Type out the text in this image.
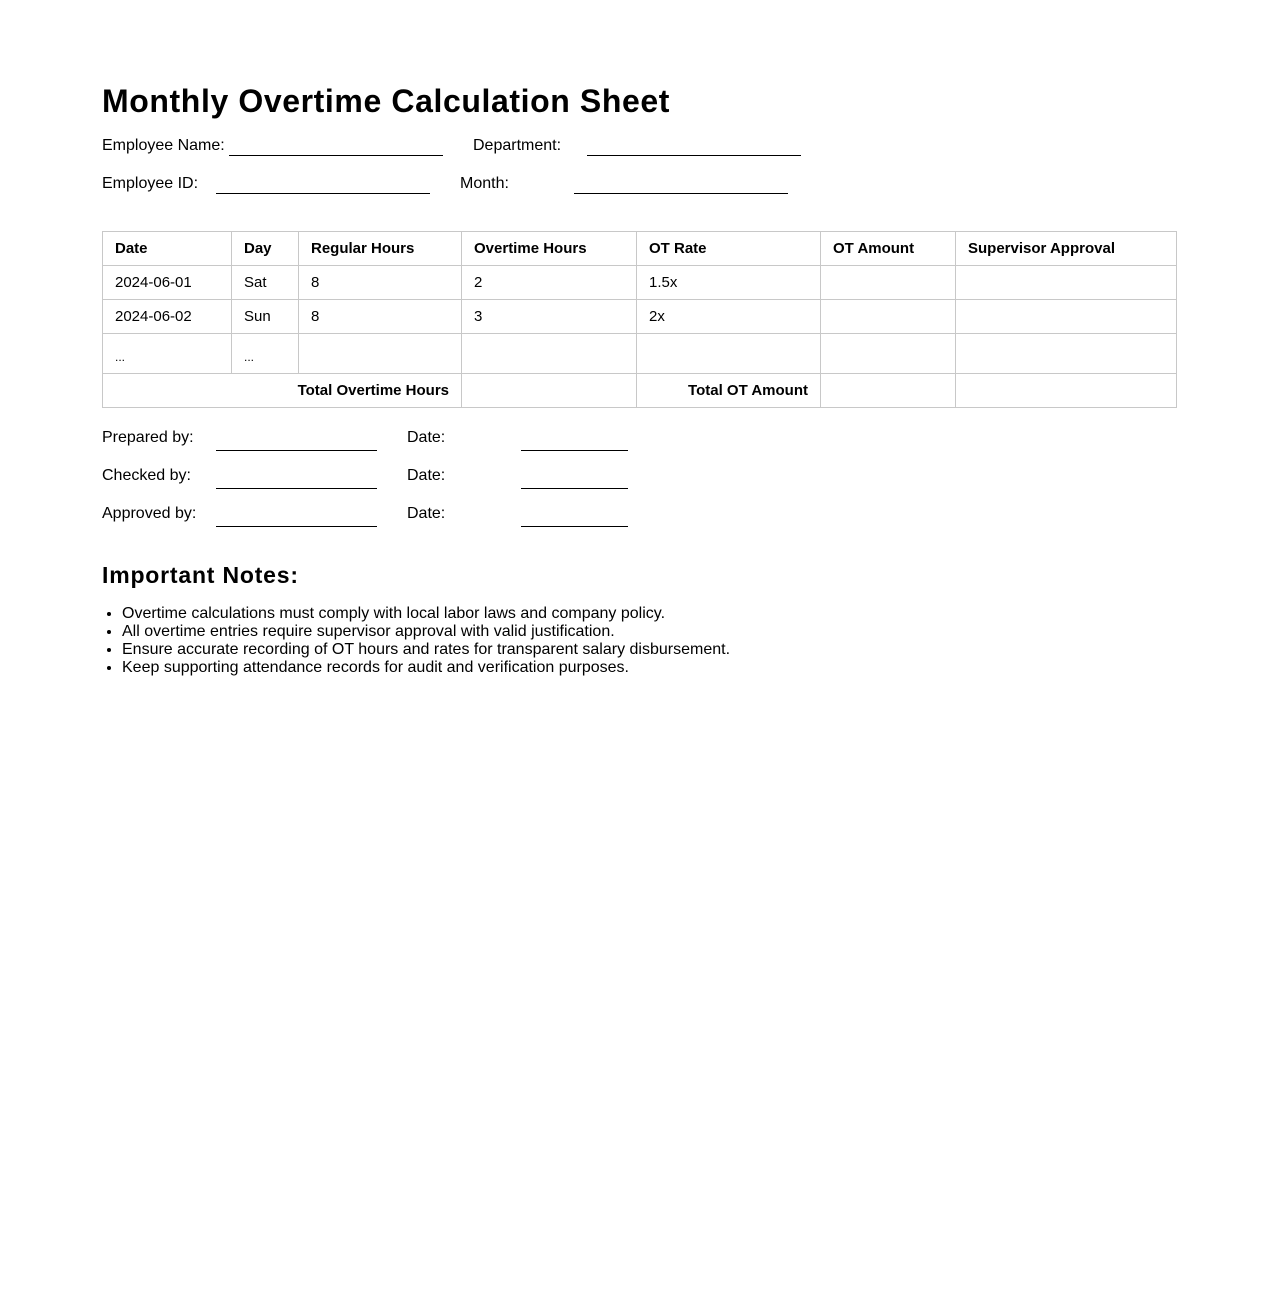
Monthly Overtime Calculation Sheet
Employee Name:	Department:
Employee ID:	Month:
Date	Day	Regular Hours	Overtime Hours	OT Rate	OT Amount	Supervisor Approval
2024-06-01	Sat	8	2	1.5x		
2024-06-02	Sun	8	3	2x		
...	...					
Total Overtime Hours				Total OT Amount		
Prepared by:	Date:
Checked by:	Date:
Approved by:	Date:
Important Notes:
• Overtime calculations must comply with local labor laws and company policy.
• All overtime entries require supervisor approval with valid justification.
• Ensure accurate recording of OT hours and rates for transparent salary disbursement.
• Keep supporting attendance records for audit and verification purposes.
